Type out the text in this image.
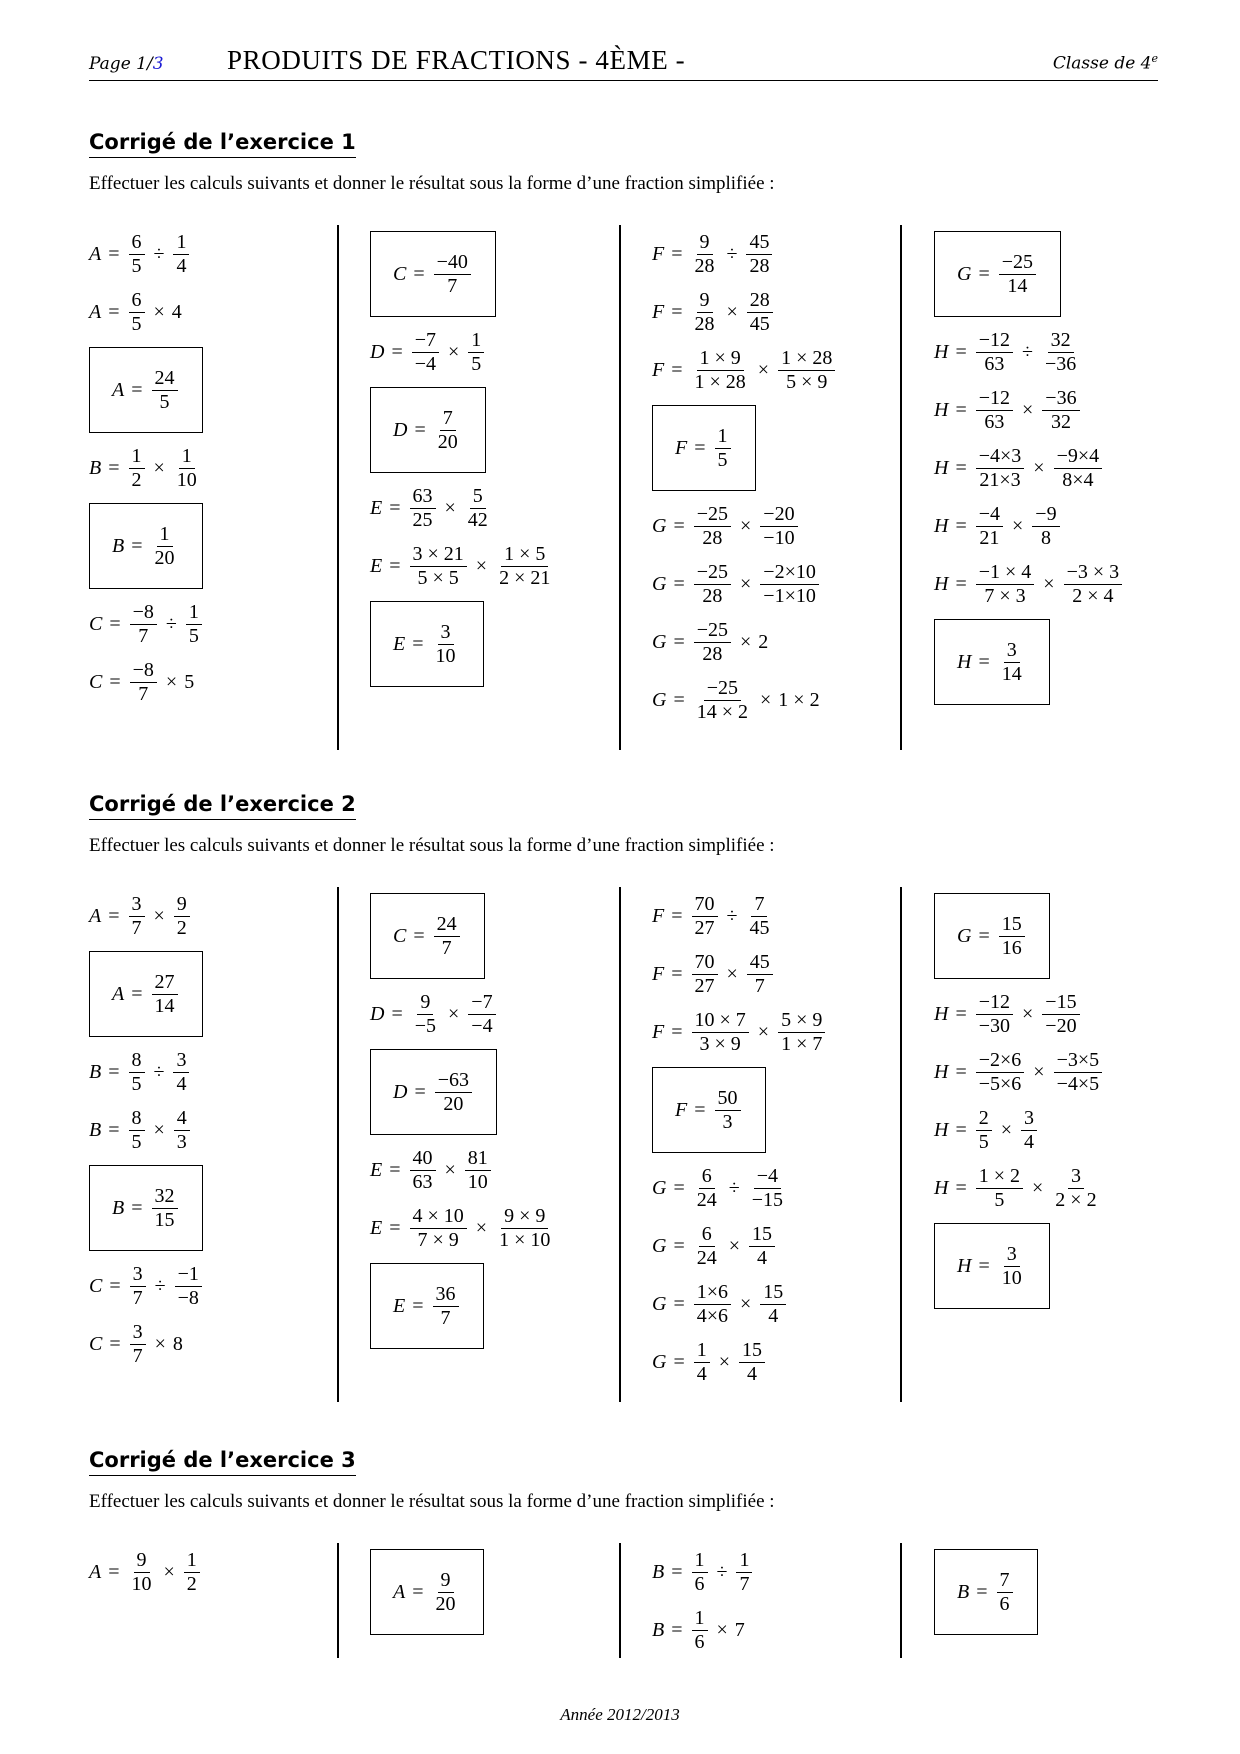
Page 1/3 PRODUITS DE FRACTIONS - 4ÈME -	Classe de 4e
Corrigé de l’exercice 1
Effectuer les calculs suivants et donner le résultat sous la forme d’une fraction simplifiée :
$A = \frac{6}{5} \div \frac{1}{4}$
$A = \frac{6}{5} \times 4$
$A = \frac{24}{5}$
$B = \frac{1}{2} \times \frac{1}{10}$
$B = \frac{1}{20}$
$C = \frac{-8}{7} \div \frac{1}{5}$
$C = \frac{-8}{7} \times 5$
$C = \frac{-40}{7}$
$D = \frac{-7}{-4} \times \frac{1}{5}$
$D = \frac{7}{20}$
$E = \frac{63}{25} \times \frac{5}{42}$
$E = \frac{3 \times 21}{5 \times 5} \times \frac{1 \times 5}{2 \times 21}$
$E = \frac{3}{10}$
$F = \frac{9}{28} \div \frac{45}{28}$
$F = \frac{9}{28} \times \frac{28}{45}$
$F = \frac{1 \times 9}{1 \times 28} \times \frac{1 \times 28}{5 \times 9}$
$F = \frac{1}{5}$
$G = \frac{-25}{28} \times \frac{-20}{-10}$
$G = \frac{-25}{28} \times \frac{-2\times 10}{-1\times 10}$
$G = \frac{-25}{28} \times 2$
$G = \frac{-25}{14 \times 2} \times 1 \times 2$
$G = \frac{-25}{14}$
$H = \frac{-12}{63} \div \frac{32}{-36}$
$H = \frac{-12}{63} \times \frac{-36}{32}$
$H = \frac{-4\times 3}{21\times 3} \times \frac{-9\times 4}{8\times 4}$
$H = \frac{-4}{21} \times \frac{-9}{8}$
$H = \frac{-1 \times 4}{7 \times 3} \times \frac{-3 \times 3}{2 \times 4}$
$H = \frac{3}{14}$
Corrigé de l’exercice 2
Effectuer les calculs suivants et donner le résultat sous la forme d’une fraction simplifiée :
$A = \frac{3}{7} \times \frac{9}{2}$
$A = \frac{27}{14}$
$B = \frac{8}{5} \div \frac{3}{4}$
$B = \frac{8}{5} \times \frac{4}{3}$
$B = \frac{32}{15}$
$C = \frac{3}{7} \div \frac{-1}{-8}$
$C = \frac{3}{7} \times 8$
$C = \frac{24}{7}$
$D = \frac{9}{-5} \times \frac{-7}{-4}$
$D = \frac{-63}{20}$
$E = \frac{40}{63} \times \frac{81}{10}$
$E = \frac{4 \times 10}{7 \times 9} \times \frac{9 \times 9}{1 \times 10}$
$E = \frac{36}{7}$
$F = \frac{70}{27} \div \frac{7}{45}$
$F = \frac{70}{27} \times \frac{45}{7}$
$F = \frac{10 \times 7}{3 \times 9} \times \frac{5 \times 9}{1 \times 7}$
$F = \frac{50}{3}$
$G = \frac{6}{24} \div \frac{-4}{-15}$
$G = \frac{6}{24} \times \frac{15}{4}$
$G = \frac{1\times 6}{4\times 6} \times \frac{15}{4}$
$G = \frac{1}{4} \times \frac{15}{4}$
$G = \frac{15}{16}$
$H = \frac{-12}{-30} \times \frac{-15}{-20}$
$H = \frac{-2\times 6}{-5\times 6} \times \frac{-3\times 5}{-4\times 5}$
$H = \frac{2}{5} \times \frac{3}{4}$
$H = \frac{1 \times 2}{5} \times \frac{3}{2 \times 2}$
$H = \frac{3}{10}$
Corrigé de l’exercice 3
Effectuer les calculs suivants et donner le résultat sous la forme d’une fraction simplifiée :
$A = \frac{9}{10} \times \frac{1}{2}$	$A = \frac{9}{20}$	$B = \frac{1}{6} \div \frac{1}{7}$
$B = \frac{1}{6} \times 7$
$B = \frac{7}{6}$
Année 2012/2013
